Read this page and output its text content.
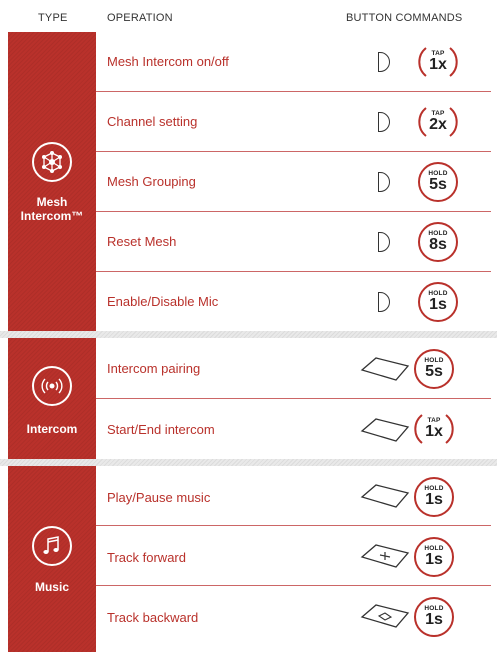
TYPE	OPERATION	BUTTON COMMANDS
Mesh
Intercom™
Mesh Intercom on/off
TAP
1x
Channel setting
TAP
2x
Mesh Grouping
HOLD
5s
Reset Mesh
HOLD
8s
Enable/Disable Mic
HOLD
1s
Intercom
Intercom pairing
HOLD
5s
Start/End intercom
TAP
1x
Music
Play/Pause music
HOLD
1s
Track forward
HOLD
1s
Track backward
HOLD
1s
